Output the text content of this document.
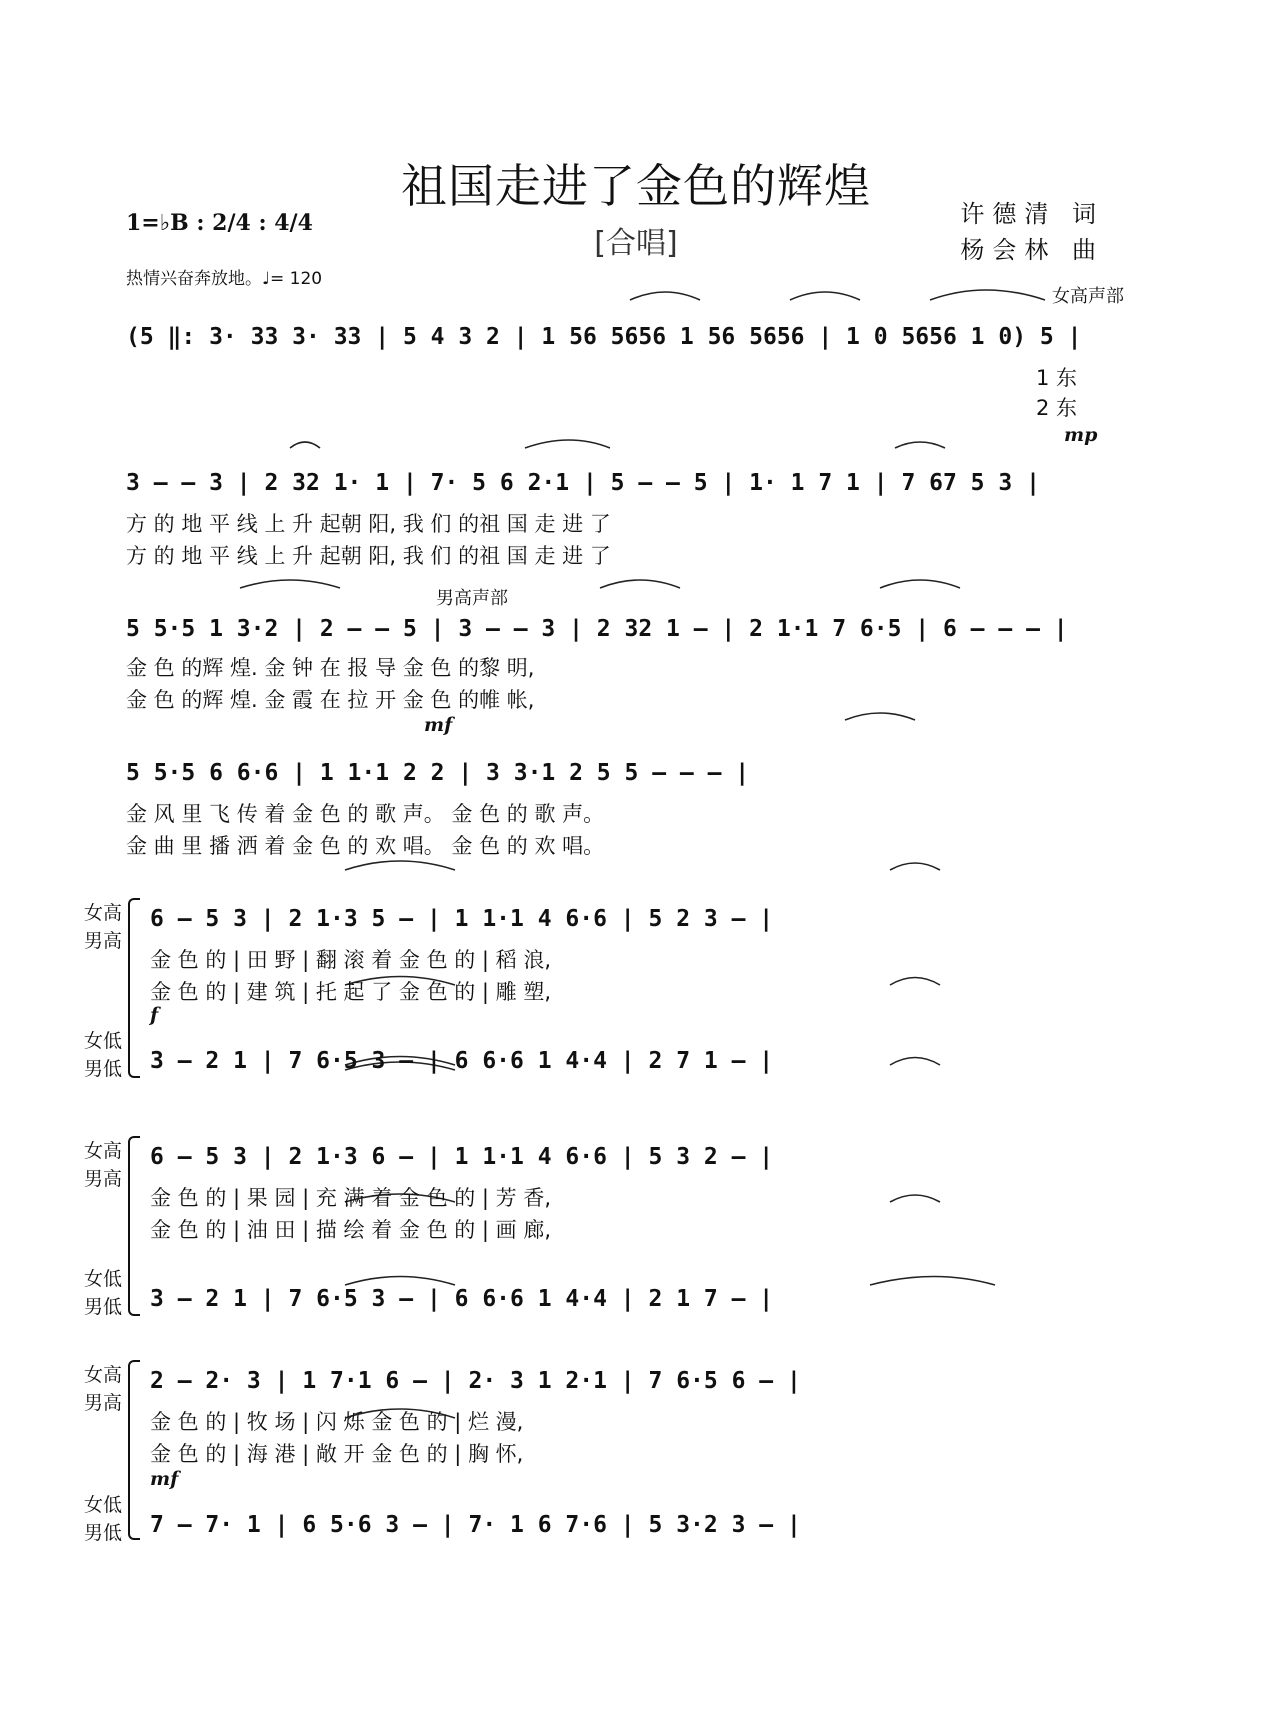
祖国走进了金色的辉煌
[合唱]
许德清 词
杨会林 曲
1=♭B : 2/4 : 4/4
热情兴奋奔放地。♩= 120
女高声部
(5 ‖: 3· 33 3· 33 | 5 4 3 2 | 1 56 5656 1 56 5656 | 1 0 5656 1 0) 5 |
1 东
2 东
mp
3 – – 3 | 2 32 1· 1 | 7· 5 6 2·1 | 5 – – 5 | 1· 1 7 1 | 7 67 5 3 |
方 的 地 平 线 上 升 起朝 阳, 我 们 的祖 国 走 进 了
方 的 地 平 线 上 升 起朝 阳, 我 们 的祖 国 走 进 了
男高声部
5 5·5 1 3·2 | 2 – – 5 | 3 – – 3 | 2 32 1 – | 2 1·1 7 6·5 | 6 – – – |
金 色 的辉 煌. 金 钟 在 报 导 金 色 的黎 明,
金 色 的辉 煌. 金 霞 在 拉 开 金 色 的帷 帐,
mf
5 5·5 6 6·6 | 1 1·1 2 2 | 3 3·1 2 5 5 – – – |
金 风 里 飞 传 着 金 色 的 歌 声。 金 色 的 歌 声。
金 曲 里 播 洒 着 金 色 的 欢 唱。 金 色 的 欢 唱。
女高
男高
女低
男低
6 – 5 3 | 2 1·3 5 – | 1 1·1 4 6·6 | 5 2 3 – |
金 色 的 | 田 野 | 翻 滚 着 金 色 的 | 稻 浪,
金 色 的 | 建 筑 | 托 起 了 金 色 的 | 雕 塑,
f
3 – 2 1 | 7 6·5 3 – | 6 6·6 1 4·4 | 2 7 1 – |
女高
男高
女低
男低
6 – 5 3 | 2 1·3 6 – | 1 1·1 4 6·6 | 5 3 2 – |
金 色 的 | 果 园 | 充 满 着 金 色 的 | 芳 香,
金 色 的 | 油 田 | 描 绘 着 金 色 的 | 画 廊,
3 – 2 1 | 7 6·5 3 – | 6 6·6 1 4·4 | 2 1 7 – |
女高
男高
女低
男低
2 – 2· 3 | 1 7·1 6 – | 2· 3 1 2·1 | 7 6·5 6 – |
金 色 的 | 牧 场 | 闪 烁 金 色 的 | 烂 漫,
金 色 的 | 海 港 | 敞 开 金 色 的 | 胸 怀,
mf
7 – 7· 1 | 6 5·6 3 – | 7· 1 6 7·6 | 5 3·2 3 – |
